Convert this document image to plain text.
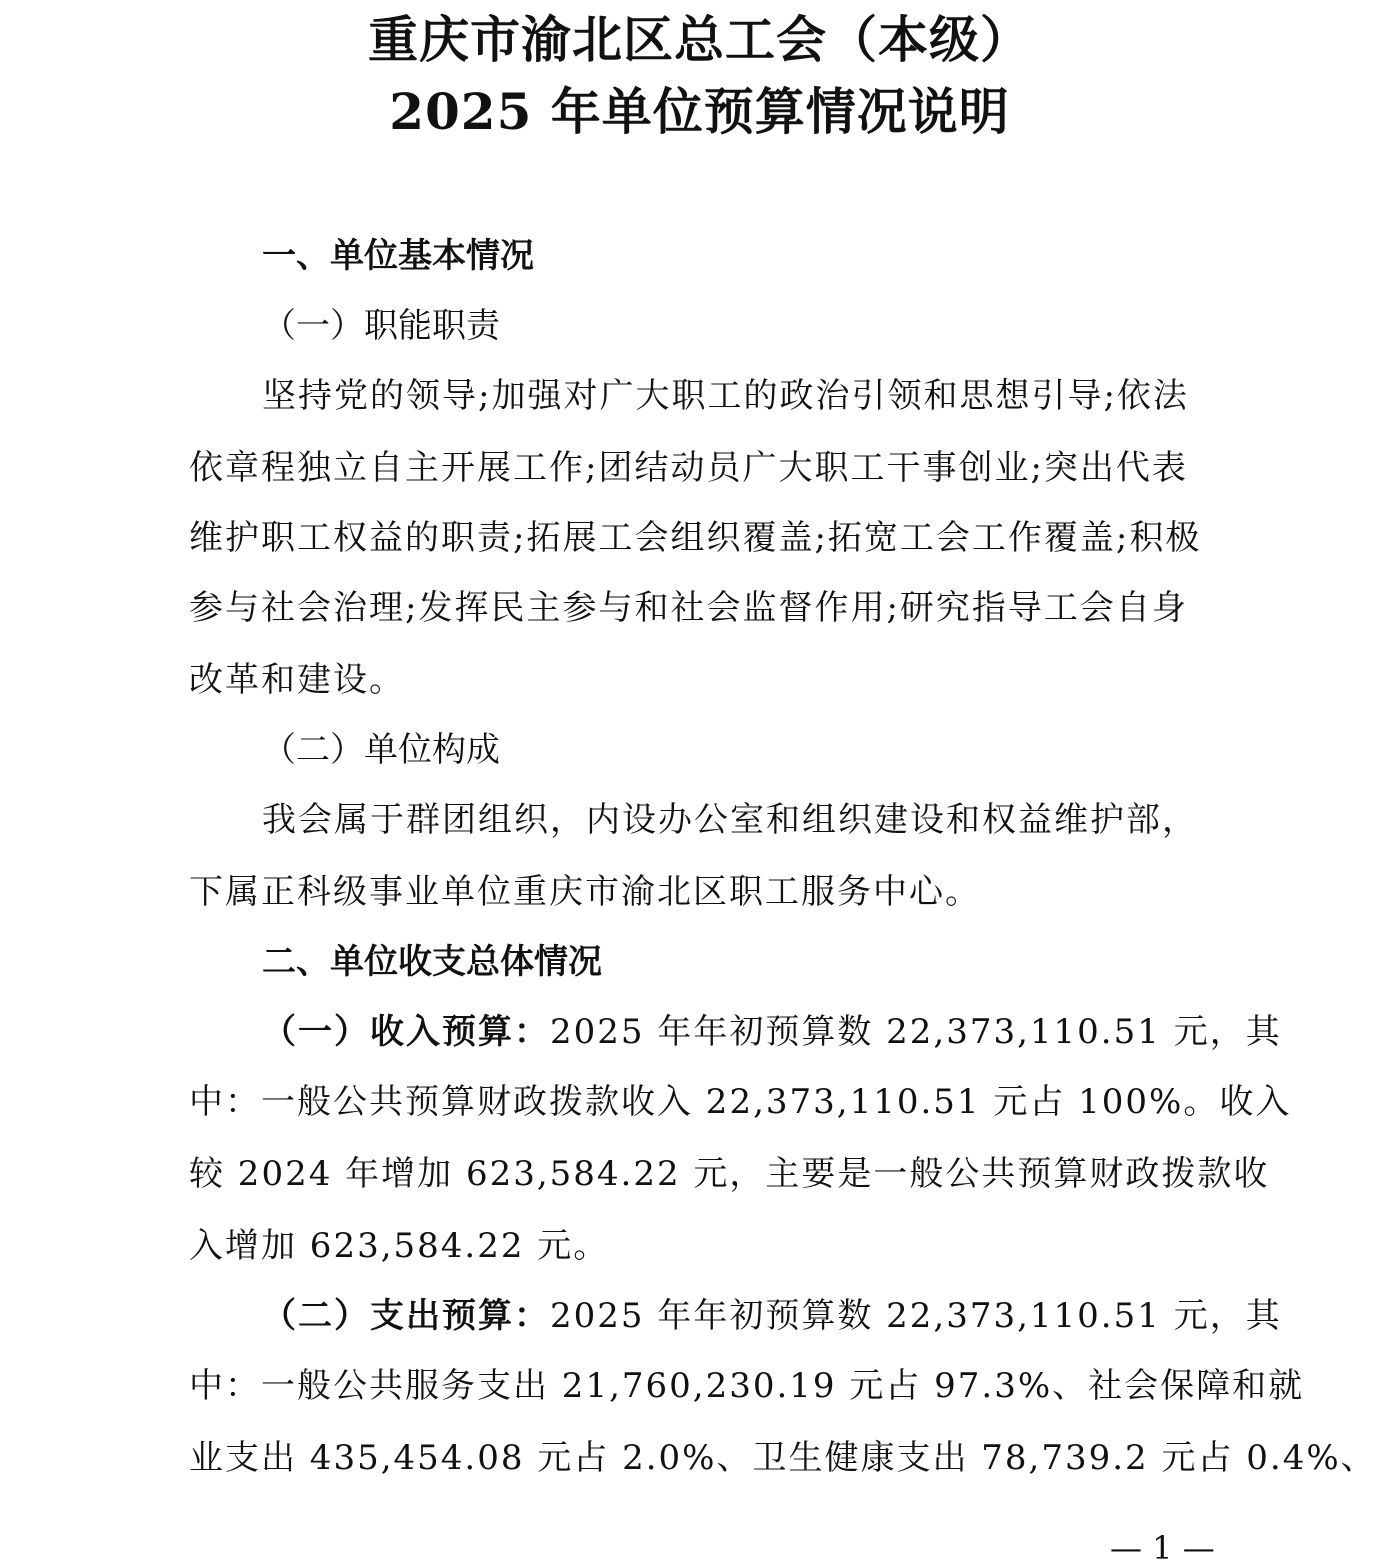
重庆市渝北区总工会（本级）
2025 年单位预算情况说明
一、单位基本情况
（一）职能职责
坚持党的领导;加强对广大职工的政治引领和思想引导;依法
依章程独立自主开展工作;团结动员广大职工干事创业;突出代表
维护职工权益的职责;拓展工会组织覆盖;拓宽工会工作覆盖;积极
参与社会治理;发挥民主参与和社会监督作用;研究指导工会自身
改革和建设。
（二）单位构成
我会属于群团组织，内设办公室和组织建设和权益维护部，
下属正科级事业单位重庆市渝北区职工服务中心。
二、单位收支总体情况
（一）收入预算：2025 年年初预算数 22,373,110.51 元，其
中：一般公共预算财政拨款收入 22,373,110.51 元占 100%。收入
较 2024 年增加 623,584.22 元，主要是一般公共预算财政拨款收
入增加 623,584.22 元。
（二）支出预算：2025 年年初预算数 22,373,110.51 元，其
中：一般公共服务支出 21,760,230.19 元占 97.3%、社会保障和就
业支出 435,454.08 元占 2.0%、卫生健康支出 78,739.2 元占 0.4%、
— 1 —
